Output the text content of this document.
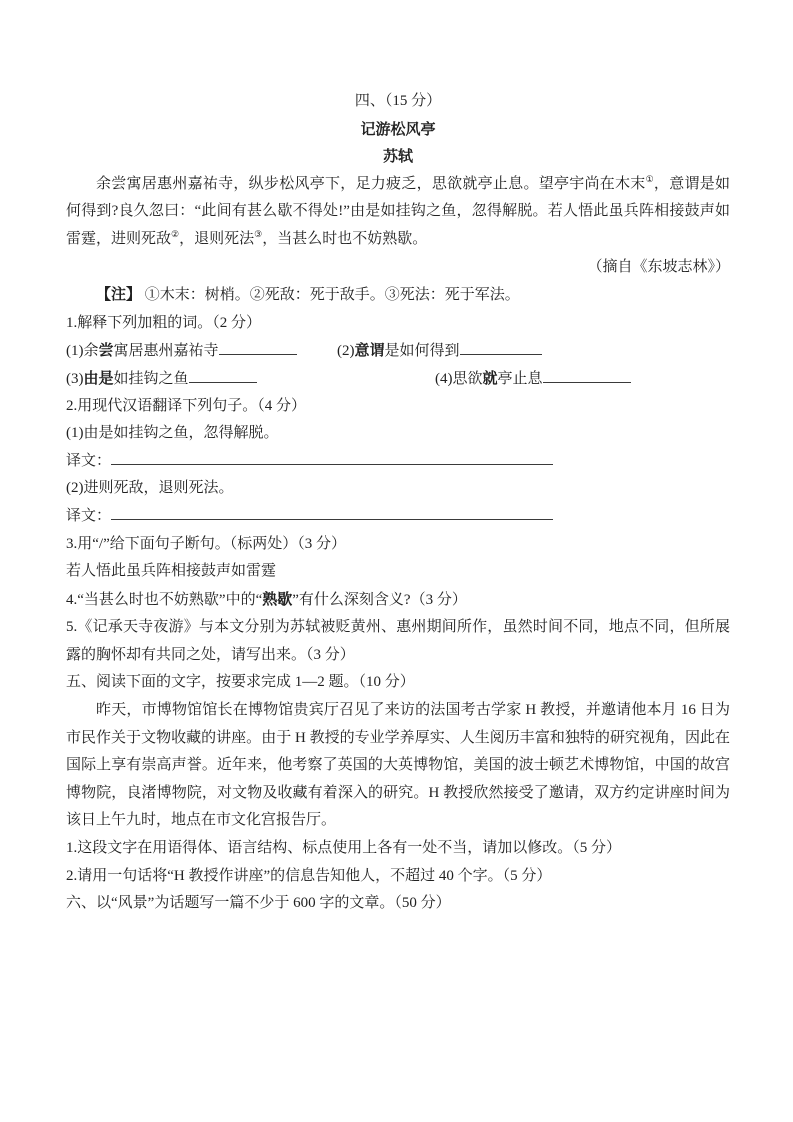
四、（15 分）
记游松风亭
苏轼

余尝寓居惠州嘉祐寺，纵步松风亭下，足力疲乏，思欲就亭止息。望亭宇尚在木末①，意谓是如何得到?良久忽曰：“此间有甚么歇不得处!”由是如挂钩之鱼，忽得解脱。若人悟此虽兵阵相接鼓声如雷霆，进则死敌②，退则死法③，当甚么时也不妨熟歇。

（摘自《东坡志林》）
【注】 ①木末：树梢。②死敌：死于敌手。③死法：死于军法。
1.解释下列加粗的词。（2 分）
(1)余尝寓居惠州嘉祐寺	(2)意谓是如何得到
(3)由是如挂钩之鱼	(4)思欲就亭止息
2.用现代汉语翻译下列句子。（4 分）
(1)由是如挂钩之鱼，忽得解脱。
译文：
(2)进则死敌，退则死法。
译文：
3.用“/”给下面句子断句。（标两处）（3 分）
若人悟此虽兵阵相接鼓声如雷霆
4.“当甚么时也不妨熟歇”中的“熟歇”有什么深刻含义?（3 分）

5.《记承天寺夜游》与本文分别为苏轼被贬黄州、惠州期间所作，虽然时间不同，地点不同，但所展露的胸怀却有共同之处，请写出来。（3 分）

五、阅读下面的文字，按要求完成 1—2 题。（10 分）

昨天，市博物馆馆长在博物馆贵宾厅召见了来访的法国考古学家 H 教授，并邀请他本月 16 日为市民作关于文物收藏的讲座。由于 H 教授的专业学养厚实、人生阅历丰富和独特的研究视角，因此在国际上享有崇高声誉。近年来，他考察了英国的大英博物馆，美国的波士顿艺术博物馆，中国的故宫博物院，良渚博物院，对文物及收藏有着深入的研究。H 教授欣然接受了邀请，双方约定讲座时间为该日上午九时，地点在市文化宫报告厅。

1.这段文字在用语得体、语言结构、标点使用上各有一处不当，请加以修改。（5 分）
2.请用一句话将“H 教授作讲座”的信息告知他人，不超过 40 个字。（5 分）
六、以“风景”为话题写一篇不少于 600 字的文章。（50 分）
